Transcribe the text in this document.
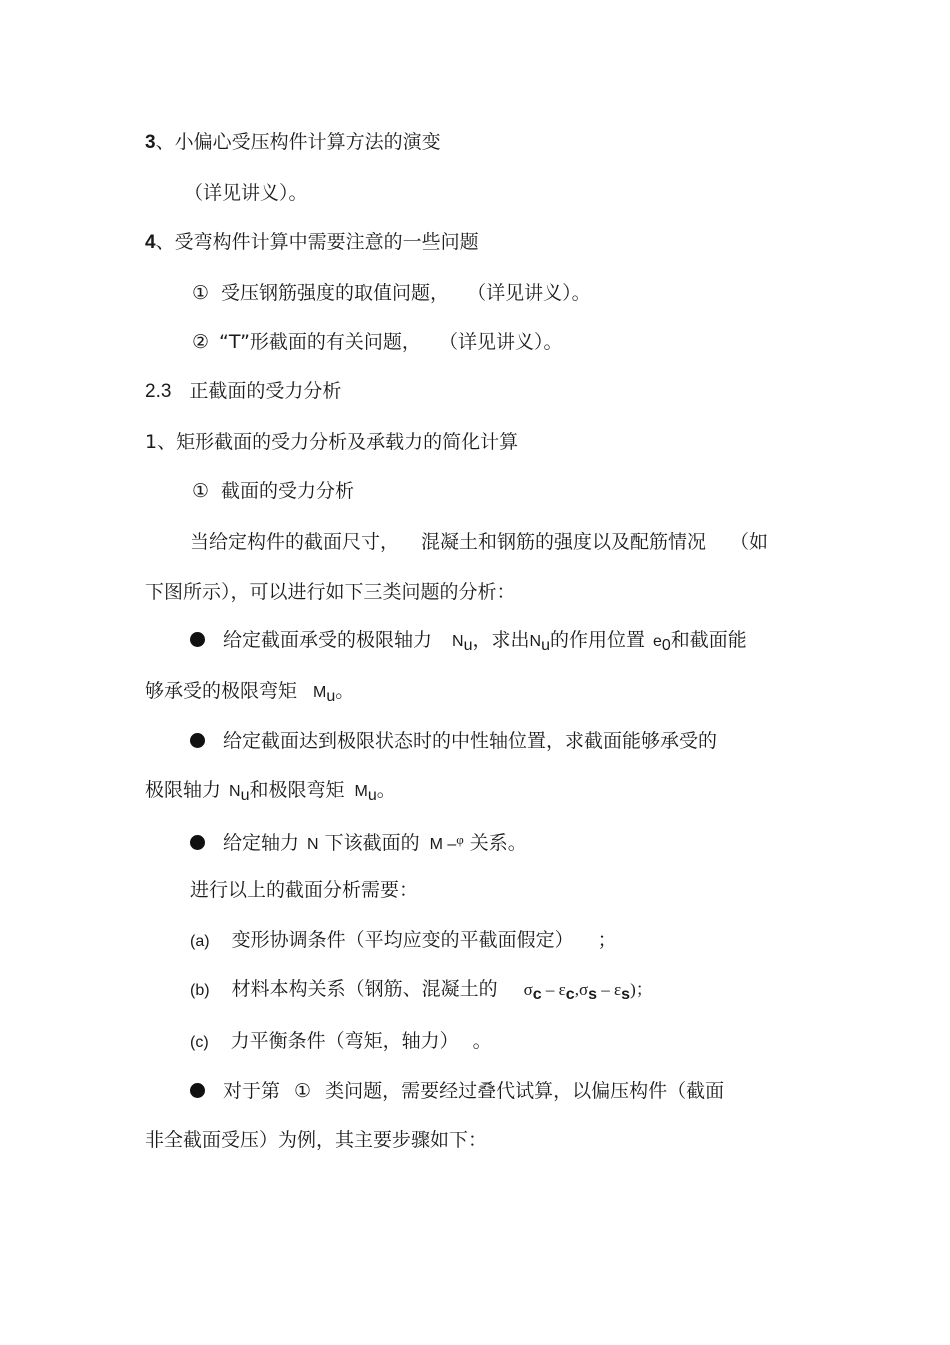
3、小偏心受压构件计算方法的演变
（详见讲义）。
4、受弯构件计算中需要注意的一些问题
① 受压钢筋强度的取值问题， （详见讲义）。
② “T”形截面的有关问题， （详见讲义）。
2.3 正截面的受力分析
1、矩形截面的受力分析及承载力的简化计算
① 截面的受力分析
当给定构件的截面尺寸， 混凝土和钢筋的强度以及配筋情况 （如
下图所示），可以进行如下三类问题的分析：
给定截面承受的极限轴力 $N_u$，求出$N_u$的作用位置 $e_0$和截面能
够承受的极限弯矩 $M_u$。
给定截面达到极限状态时的中性轴位置，求截面能够承受的
极限轴力 $N_u$和极限弯矩 $M_u$。
给定轴力 N 下该截面的 M –$^\varphi$ 关系。
进行以上的截面分析需要：
(a) 变形协调条件（平均应变的平截面假定） ；
(b) 材料本构关系（钢筋、混凝土的 $\sigma_c - \varepsilon_c,\sigma_s - \varepsilon_s$)；
(c) 力平衡条件（弯矩，轴力） 。
对于第 ① 类问题，需要经过叠代试算，以偏压构件（截面
非全截面受压）为例，其主要步骤如下：
